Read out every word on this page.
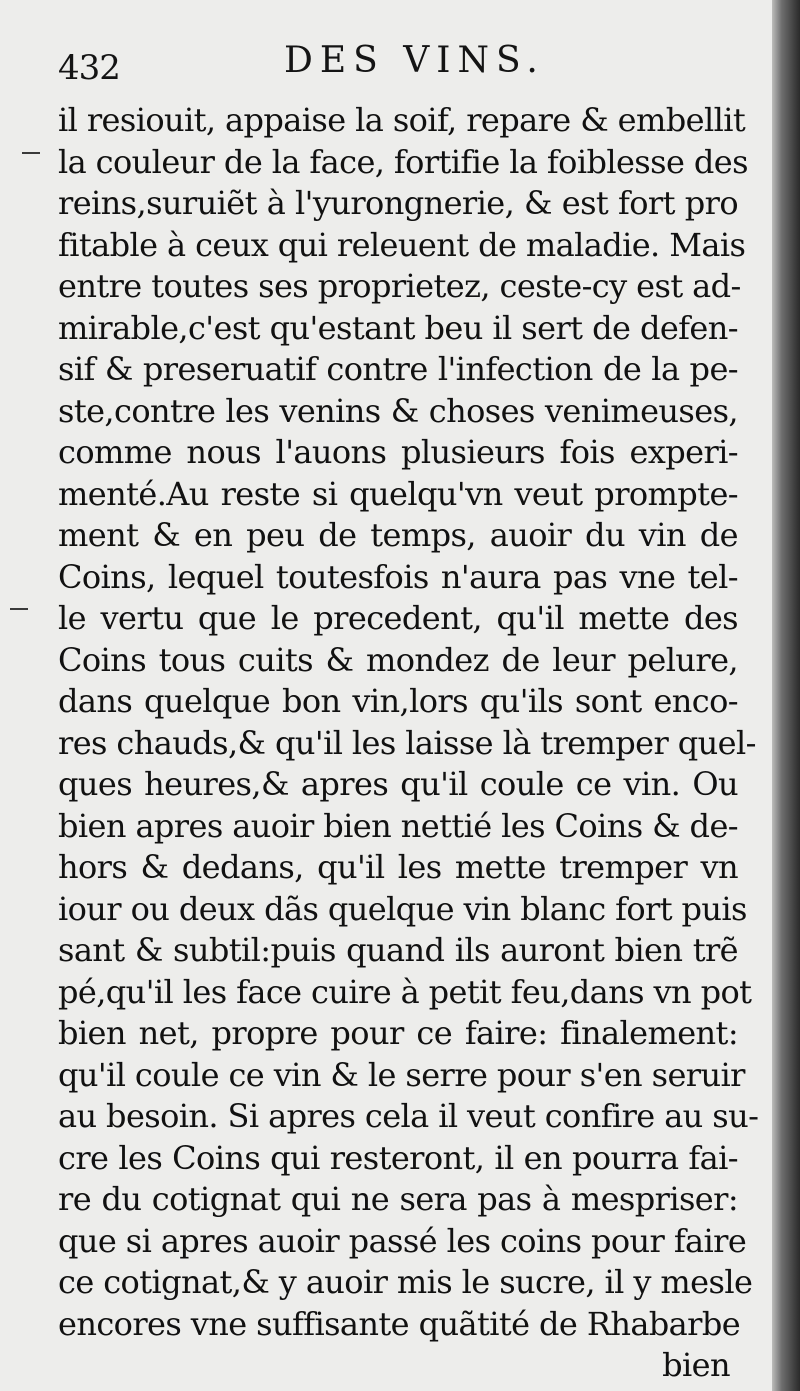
432	DES VINS.
il resiouit, appaise la soif, repare & embellit
la couleur de la face, fortifie la foiblesse des
reins,suruiẽt à l'yurongnerie, & est fort pro
fitable à ceux qui releuent de maladie. Mais
entre toutes ses proprietez, ceste-cy est ad-
mirable,c'est qu'estant beu il sert de defen-
sif & preseruatif contre l'infection de la pe-
ste,contre les venins & choses venimeuses,
comme nous l'auons plusieurs fois experi-
menté.Au reste si quelqu'vn veut prompte-
ment & en peu de temps, auoir du vin de
Coins, lequel toutesfois n'aura pas vne tel-
le vertu que le precedent, qu'il mette des
Coins tous cuits & mondez de leur pelure,
dans quelque bon vin,lors qu'ils sont enco-
res chauds,& qu'il les laisse là tremper quel-
ques heures,& apres qu'il coule ce vin. Ou
bien apres auoir bien nettié les Coins & de-
hors & dedans, qu'il les mette tremper vn
iour ou deux dãs quelque vin blanc fort puis
sant & subtil:puis quand ils auront bien trẽ
pé,qu'il les face cuire à petit feu,dans vn pot
bien net, propre pour ce faire: finalement:
qu'il coule ce vin & le serre pour s'en seruir
au besoin. Si apres cela il veut confire au su-
cre les Coins qui resteront, il en pourra fai-
re du cotignat qui ne sera pas à mespriser:
que si apres auoir passé les coins pour faire
ce cotignat,& y auoir mis le sucre, il y mesle
encores vne suffisante quãtité de Rhabarbe
bien
